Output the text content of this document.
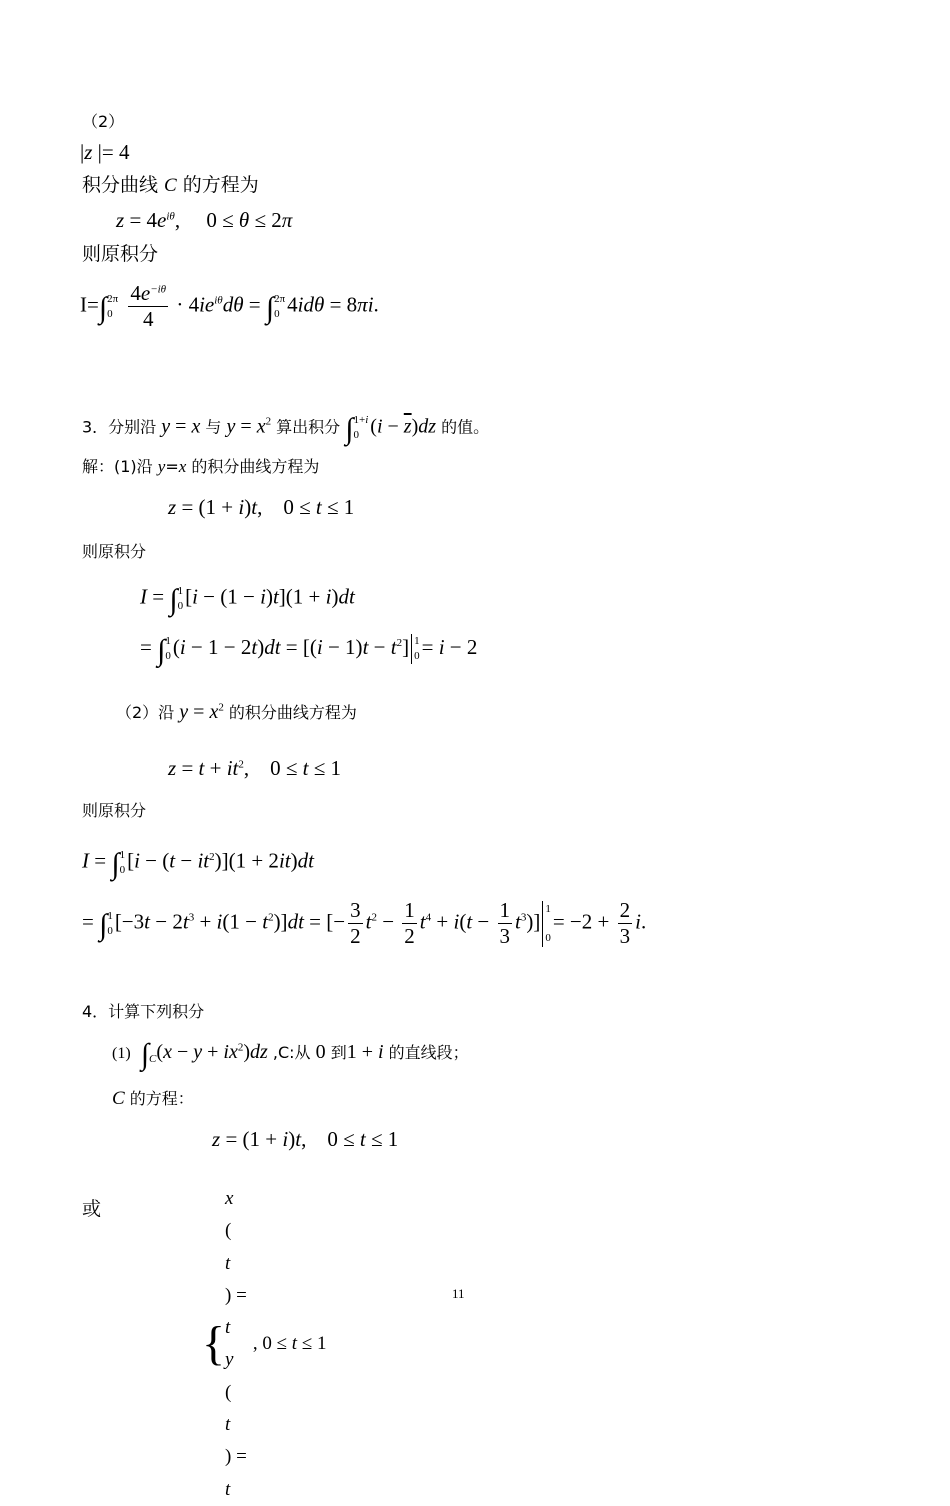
（2）
|z |= 4
积分曲线 C 的方程为
$z = 4e^{i\theta}$,     0 ≤ θ ≤ 2π
则原积分
I=∫ 2π
0
$\frac{4e^{-i\theta}}{4} \cdot 4ie^{i\theta}d\theta$ = ∫ 2π
0 4idθ = 8πi.
3．分别沿 y = x 与 $y = x^2$ 算出积分 ∫ 1+i
0 $(i - \overline{z})dz$ 的值。
解：(1)沿 y=x 的积分曲线方程为
z = (1 + i)t,    0 ≤ t ≤ 1
则原积分
I = ∫ 1
0 [i − (1 − i)t](1 + i)dt
= ∫ 1
0 $(i - 1 - 2t)dt = [(i - 1)t - t^2]$ 1
0 = i − 2
（2）沿 $y = x^2$ 的积分曲线方程为
$z = t + it^2$,    0 ≤ t ≤ 1
则原积分
I = ∫ 1
0 $[i - (t - it^2)](1 + 2it)dt$
= ∫ 1
0 $[-3t - 2t^3 + i(1 - t^2)]dt$ = [− $\frac{3}{2} t^2 - \frac{1}{2} t^4 + i(t - \frac{1}{3} t^3)$]
1
0
= $-2 + \frac{2}{3} i$.
4．计算下列积分
(1) $\int_C(x - y + ix^2)dz$ ,C:从 0 到1 + i 的直线段；
C 的方程：
z = (1 + i)t,    0 ≤ t ≤ 1
或
{
x
(
t
) =
t
y
(
t
) =
t
, 0 ≤ t ≤ 1
11
